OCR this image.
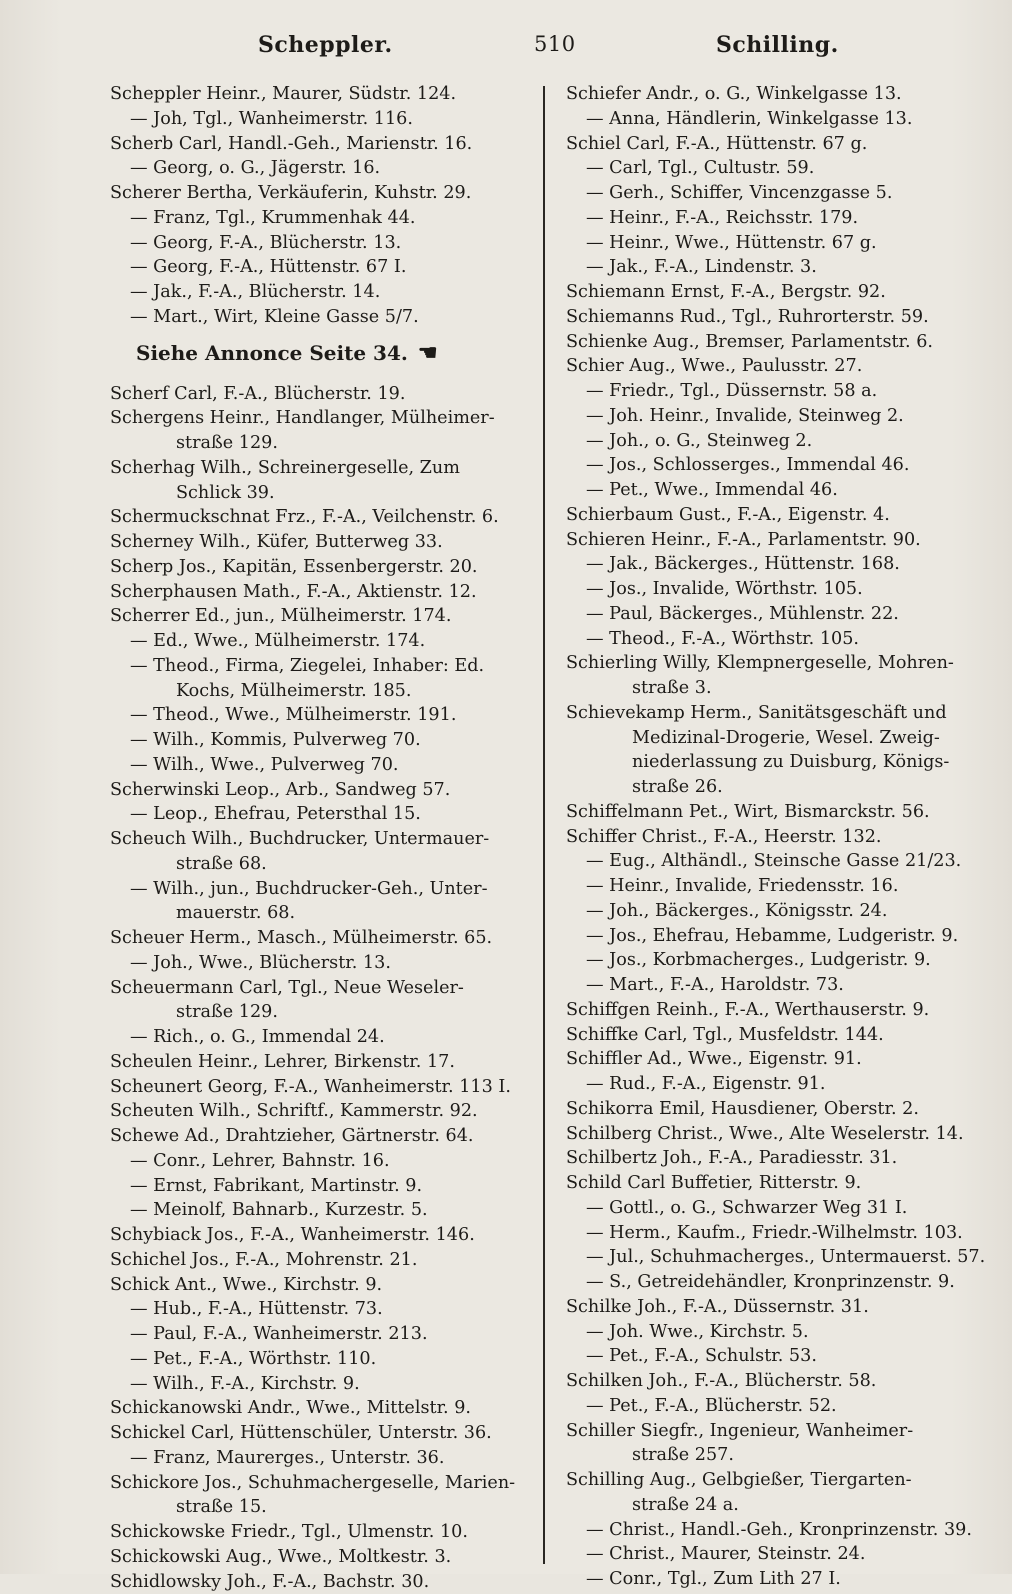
Scheppler.	510	Schilling.
Scheppler Heinr., Maurer, Südstr. 124.
— Joh, Tgl., Wanheimerstr. 116.
Scherb Carl, Handl.-Geh., Marienstr. 16.
— Georg, o. G., Jägerstr. 16.
Scherer Bertha, Verkäuferin, Kuhstr. 29.
— Franz, Tgl., Krummenhak 44.
— Georg, F.-A., Blücherstr. 13.
— Georg, F.-A., Hüttenstr. 67 I.
— Jak., F.-A., Blücherstr. 14.
— Mart., Wirt, Kleine Gasse 5/7.
Siehe Annonce Seite 34. ☚
Scherf Carl, F.-A., Blücherstr. 19.
Schergens Heinr., Handlanger, Mülheimer-
straße 129.
Scherhag Wilh., Schreinergeselle, Zum
Schlick 39.
Schermuckschnat Frz., F.-A., Veilchenstr. 6.
Scherney Wilh., Küfer, Butterweg 33.
Scherp Jos., Kapitän, Essenbergerstr. 20.
Scherphausen Math., F.-A., Aktienstr. 12.
Scherrer Ed., jun., Mülheimerstr. 174.
— Ed., Wwe., Mülheimerstr. 174.
— Theod., Firma, Ziegelei, Inhaber: Ed.
Kochs, Mülheimerstr. 185.
— Theod., Wwe., Mülheimerstr. 191.
— Wilh., Kommis, Pulverweg 70.
— Wilh., Wwe., Pulverweg 70.
Scherwinski Leop., Arb., Sandweg 57.
— Leop., Ehefrau, Petersthal 15.
Scheuch Wilh., Buchdrucker, Untermauer-
straße 68.
— Wilh., jun., Buchdrucker-Geh., Unter-
mauerstr. 68.
Scheuer Herm., Masch., Mülheimerstr. 65.
— Joh., Wwe., Blücherstr. 13.
Scheuermann Carl, Tgl., Neue Weseler-
straße 129.
— Rich., o. G., Immendal 24.
Scheulen Heinr., Lehrer, Birkenstr. 17.
Scheunert Georg, F.-A., Wanheimerstr. 113 I.
Scheuten Wilh., Schriftf., Kammerstr. 92.
Schewe Ad., Drahtzieher, Gärtnerstr. 64.
— Conr., Lehrer, Bahnstr. 16.
— Ernst, Fabrikant, Martinstr. 9.
— Meinolf, Bahnarb., Kurzestr. 5.
Schybiack Jos., F.-A., Wanheimerstr. 146.
Schichel Jos., F.-A., Mohrenstr. 21.
Schick Ant., Wwe., Kirchstr. 9.
— Hub., F.-A., Hüttenstr. 73.
— Paul, F.-A., Wanheimerstr. 213.
— Pet., F.-A., Wörthstr. 110.
— Wilh., F.-A., Kirchstr. 9.
Schickanowski Andr., Wwe., Mittelstr. 9.
Schickel Carl, Hüttenschüler, Unterstr. 36.
— Franz, Maurerges., Unterstr. 36.
Schickore Jos., Schuhmachergeselle, Marien-
straße 15.
Schickowske Friedr., Tgl., Ulmenstr. 10.
Schickowski Aug., Wwe., Moltkestr. 3.
Schidlowsky Joh., F.-A., Bachstr. 30.
Schiefer Andr., o. G., Winkelgasse 13.
— Anna, Händlerin, Winkelgasse 13.
Schiel Carl, F.-A., Hüttenstr. 67 g.
— Carl, Tgl., Cultustr. 59.
— Gerh., Schiffer, Vincenzgasse 5.
— Heinr., F.-A., Reichsstr. 179.
— Heinr., Wwe., Hüttenstr. 67 g.
— Jak., F.-A., Lindenstr. 3.
Schiemann Ernst, F.-A., Bergstr. 92.
Schiemanns Rud., Tgl., Ruhrorterstr. 59.
Schienke Aug., Bremser, Parlamentstr. 6.
Schier Aug., Wwe., Paulusstr. 27.
— Friedr., Tgl., Düssernstr. 58 a.
— Joh. Heinr., Invalide, Steinweg 2.
— Joh., o. G., Steinweg 2.
— Jos., Schlosserges., Immendal 46.
— Pet., Wwe., Immendal 46.
Schierbaum Gust., F.-A., Eigenstr. 4.
Schieren Heinr., F.-A., Parlamentstr. 90.
— Jak., Bäckerges., Hüttenstr. 168.
— Jos., Invalide, Wörthstr. 105.
— Paul, Bäckerges., Mühlenstr. 22.
— Theod., F.-A., Wörthstr. 105.
Schierling Willy, Klempnergeselle, Mohren-
straße 3.
Schievekamp Herm., Sanitätsgeschäft und
Medizinal-Drogerie, Wesel. Zweig-
niederlassung zu Duisburg, Königs-
straße 26.
Schiffelmann Pet., Wirt, Bismarckstr. 56.
Schiffer Christ., F.-A., Heerstr. 132.
— Eug., Althändl., Steinsche Gasse 21/23.
— Heinr., Invalide, Friedensstr. 16.
— Joh., Bäckerges., Königsstr. 24.
— Jos., Ehefrau, Hebamme, Ludgeristr. 9.
— Jos., Korbmacherges., Ludgeristr. 9.
— Mart., F.-A., Haroldstr. 73.
Schiffgen Reinh., F.-A., Werthauserstr. 9.
Schiffke Carl, Tgl., Musfeldstr. 144.
Schiffler Ad., Wwe., Eigenstr. 91.
— Rud., F.-A., Eigenstr. 91.
Schikorra Emil, Hausdiener, Oberstr. 2.
Schilberg Christ., Wwe., Alte Weselerstr. 14.
Schilbertz Joh., F.-A., Paradiesstr. 31.
Schild Carl Buffetier, Ritterstr. 9.
— Gottl., o. G., Schwarzer Weg 31 I.
— Herm., Kaufm., Friedr.-Wilhelmstr. 103.
— Jul., Schuhmacherges., Untermauerst. 57.
— S., Getreidehändler, Kronprinzenstr. 9.
Schilke Joh., F.-A., Düssernstr. 31.
— Joh. Wwe., Kirchstr. 5.
— Pet., F.-A., Schulstr. 53.
Schilken Joh., F.-A., Blücherstr. 58.
— Pet., F.-A., Blücherstr. 52.
Schiller Siegfr., Ingenieur, Wanheimer-
straße 257.
Schilling Aug., Gelbgießer, Tiergarten-
straße 24 a.
— Christ., Handl.-Geh., Kronprinzenstr. 39.
— Christ., Maurer, Steinstr. 24.
— Conr., Tgl., Zum Lith 27 I.
